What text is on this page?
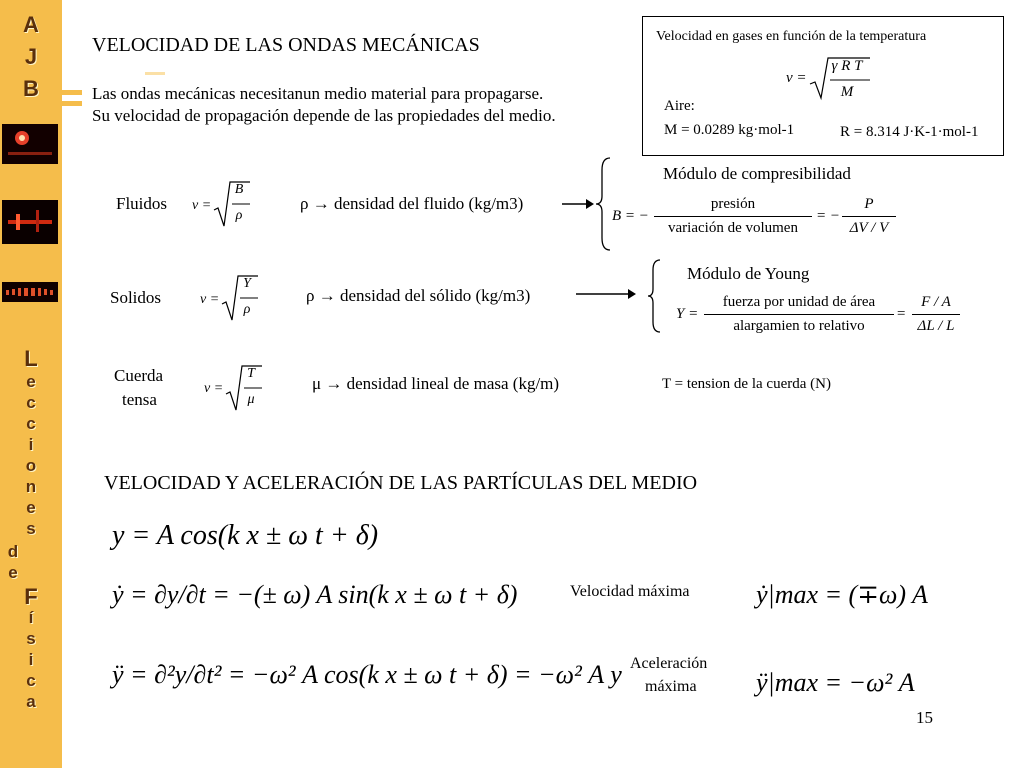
A
J
B
L
e
c
c
i
o
n
e
s
d
e
F
í
s
i
c
a
VELOCIDAD DE LAS ONDAS MECÁNICAS
Las ondas mecánicas necesitanun medio material para propagarse.
Su velocidad de propagación depende de las propiedades del medio.
Velocidad en gases en función de la temperatura
v =
γ R T
M
Aire:
M = 0.0289 kg·mol-1	R = 8.314 J·K-1·mol-1
Fluidos v =
B
ρ
ρ → densidad del fluido (kg/m3)
Módulo de compresibilidad
B = −
presión
variación de volumen
= −
P
ΔV / V
Solidos	v =
Y
ρ
ρ → densidad del sólido (kg/m3)
Módulo de Young
Y =
fuerza por unidad de área
alargamien to relativo
=
F / A
ΔL / L
Cuerda
tensa
v =
T
μ
μ → densidad lineal de masa (kg/m)	T = tension de la cuerda (N)
VELOCIDAD Y ACELERACIÓN DE LAS PARTÍCULAS DEL MEDIO
y = A cos(k x ± ω t + δ)
ẏ = ∂y/∂t = −(± ω) A sin(k x ± ω t + δ)
ÿ = ∂²y/∂t² = −ω² A cos(k x ± ω t + δ) = −ω² A y
Velocidad máxima	ẏ|max = (∓ω) A
Aceleración
máxima ÿ|max = −ω² A
15
